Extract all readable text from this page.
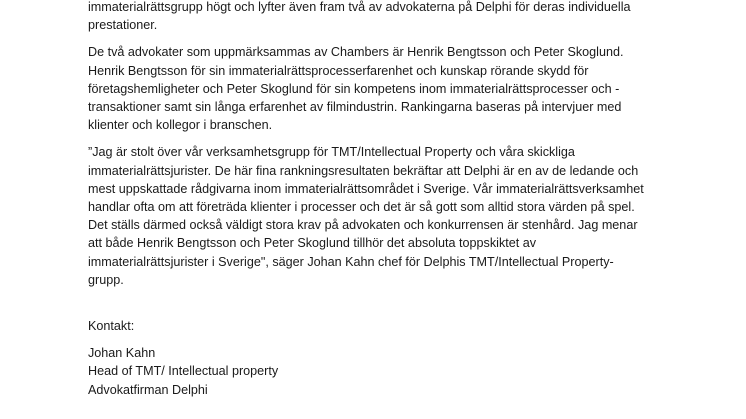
immaterialrättsgrupp högt och lyfter även fram två av advokaterna på Delphi för deras individuella prestationer.

De två advokater som uppmärksammas av Chambers är Henrik Bengtsson och Peter Skoglund. Henrik Bengtsson för sin immaterialrättsprocesserfarenhet och kunskap rörande skydd för företagshemligheter och Peter Skoglund för sin kompetens inom immaterialrättsprocesser och -transaktioner samt sin långa erfarenhet av filmindustrin. Rankingarna baseras på intervjuer med klienter och kollegor i branschen.

”Jag är stolt över vår verksamhetsgrupp för TMT/Intellectual Property och våra skickliga immaterialrättsjurister. De här fina rankningsresultaten bekräftar att Delphi är en av de ledande och mest uppskattade rådgivarna inom immaterialrättsområdet i Sverige. Vår immaterialrättsverksamhet handlar ofta om att företräda klienter i processer och det är så gott som alltid stora värden på spel. Det ställs därmed också väldigt stora krav på advokaten och konkurrensen är stenhård. Jag menar att både Henrik Bengtsson och Peter Skoglund tillhör det absoluta toppskiktet av immaterialrättsjurister i Sverige", säger Johan Kahn chef för Delphis TMT/Intellectual Property-grupp.

Kontakt:

Johan Kahn
Head of TMT/ Intellectual property
Advokatfirman Delphi
